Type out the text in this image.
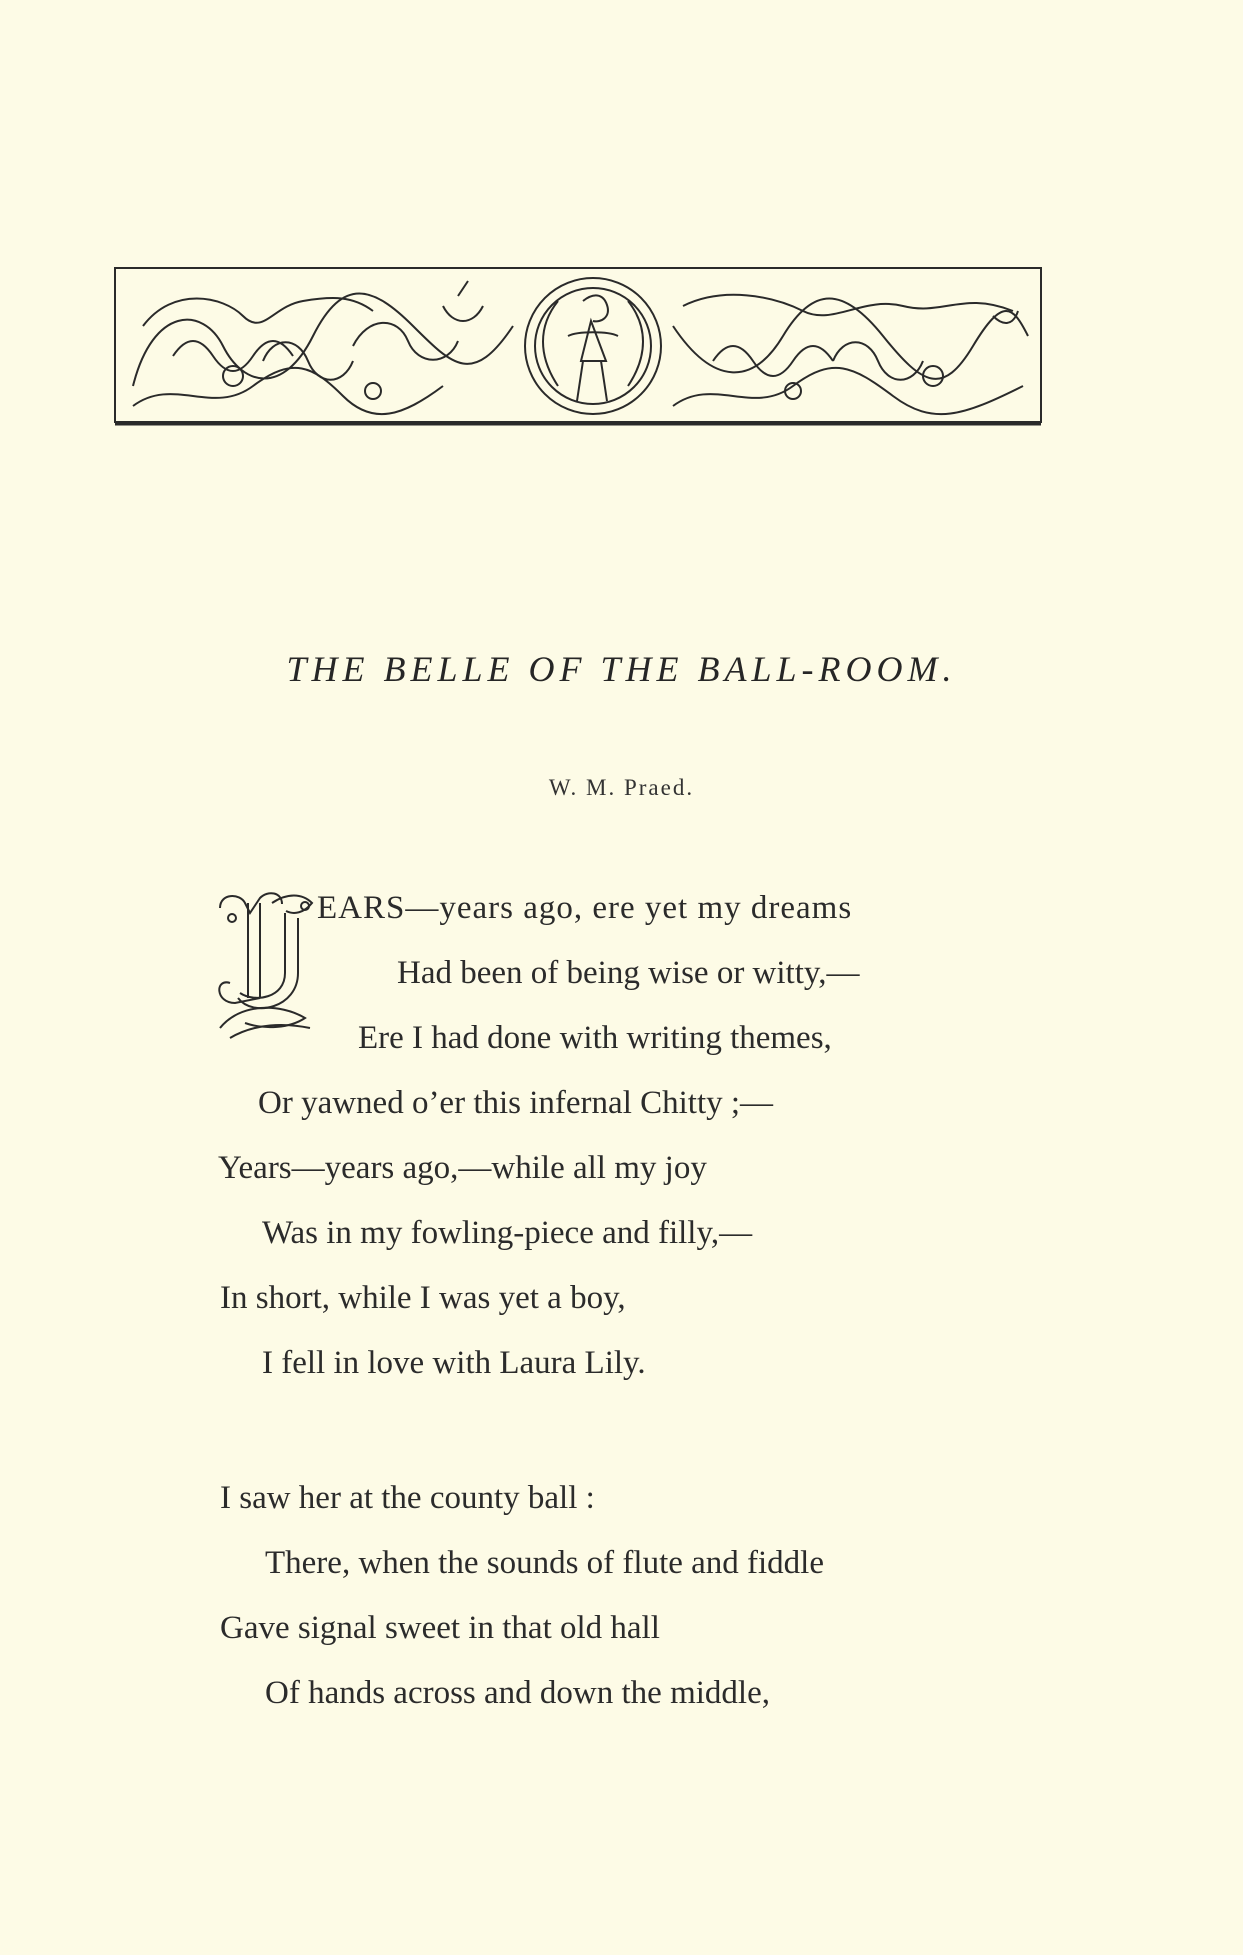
THE BELLE OF THE BALL-ROOM.
W. M. Praed.
EARS—years ago, ere yet my dreams
Had been of being wise or witty,—
Ere I had done with writing themes,
Or yawned o’er this infernal Chitty ;—
Years—years ago,—while all my joy
Was in my fowling-piece and filly,—
In short, while I was yet a boy,
I fell in love with Laura Lily.
I saw her at the county ball :
There, when the sounds of flute and fiddle
Gave signal sweet in that old hall
Of hands across and down the middle,
